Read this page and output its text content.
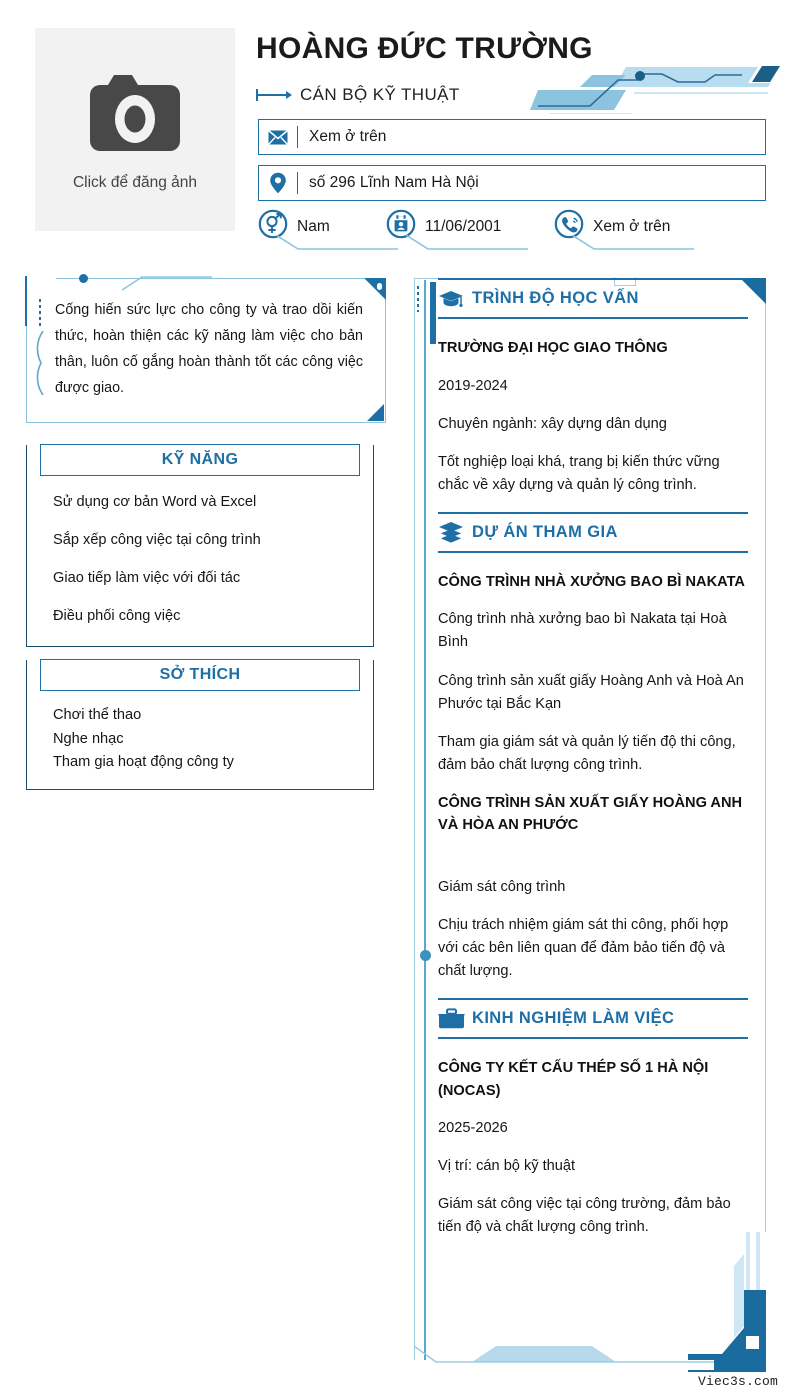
Click để đăng ảnh
HOÀNG ĐỨC TRƯỜNG
CÁN BỘ KỸ THUẬT
Xem ở trên
số 296 Lĩnh Nam Hà Nội
Nam	11/06/2001	Xem ở trên

Cống hiến sức lực cho công ty và trao dồi kiến thức, hoàn thiện các kỹ năng làm việc cho bản thân, luôn cố gắng hoàn thành tốt các công việc được giao.

KỸ NĂNG
Sử dụng cơ bản Word và Excel
Sắp xếp công việc tại công trình
Giao tiếp làm việc với đối tác
Điều phối công việc
SỞ THÍCH
Chơi thể thao
Nghe nhạc
Tham gia hoạt động công ty
TRÌNH ĐỘ HỌC VẤN
TRƯỜNG ĐẠI HỌC GIAO THÔNG
2019-2024
Chuyên ngành: xây dựng dân dụng
Tốt nghiệp loại khá, trang bị kiến thức vững chắc về xây dựng và quản lý công trình.
DỰ ÁN THAM GIA
CÔNG TRÌNH NHÀ XƯỞNG BAO BÌ NAKATA
Công trình nhà xưởng bao bì Nakata tại Hoà Bình
Công trình sản xuất giấy Hoàng Anh và Hoà An Phước tại Bắc Kạn
Tham gia giám sát và quản lý tiến độ thi công, đảm bảo chất lượng công trình.
CÔNG TRÌNH SẢN XUẤT GIẤY HOÀNG ANH VÀ HÒA AN PHƯỚC
Giám sát công trình
Chịu trách nhiệm giám sát thi công, phối hợp với các bên liên quan để đảm bảo tiến độ và chất lượng.
KINH NGHIỆM LÀM VIỆC
CÔNG TY KẾT CẤU THÉP SỐ 1 HÀ NỘI (NOCAS)
2025-2026
Vị trí: cán bộ kỹ thuật
Giám sát công việc tại công trường, đảm bảo tiến độ và chất lượng công trình.
Viec3s.com
